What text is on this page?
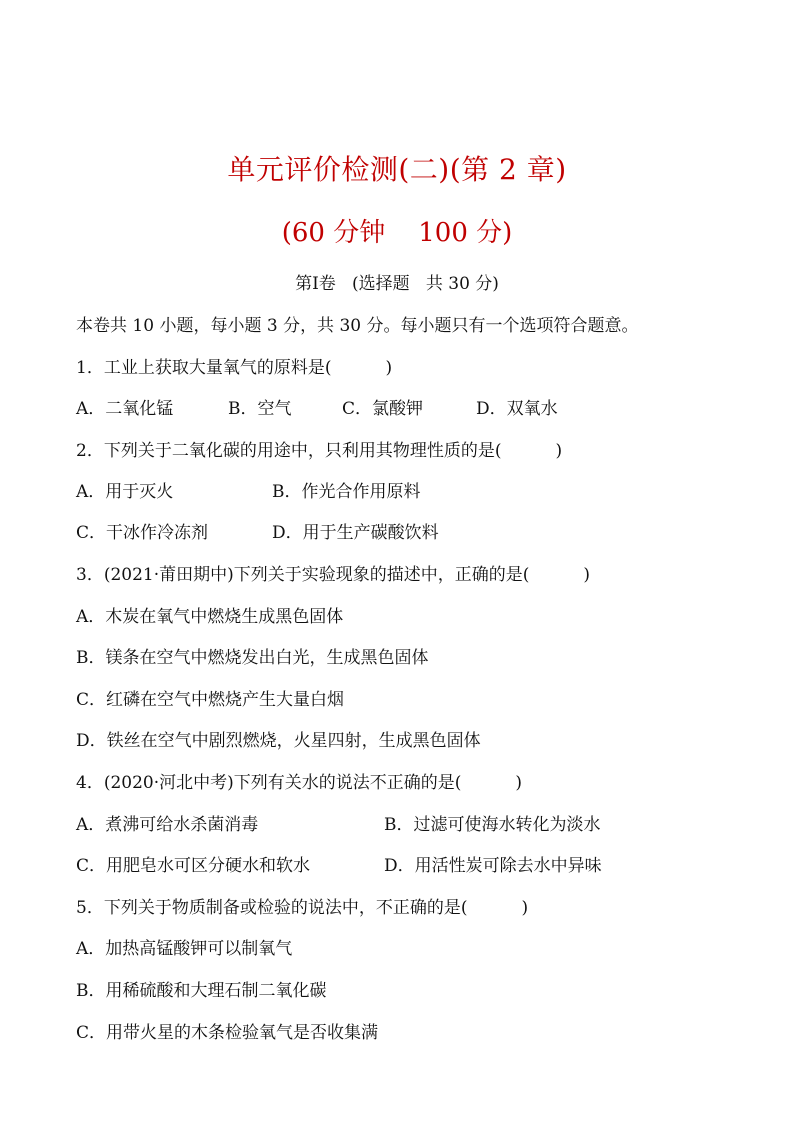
单元评价检测(二)(第 2 章)
(60 分钟    100 分)
第Ⅰ卷   (选择题   共 30 分)
本卷共 10 小题，每小题 3 分，共 30 分。每小题只有一个选项符合题意。
1．工业上获取大量氧气的原料是(          )
A．二氧化锰	B．空气	C．氯酸钾	D．双氧水
2．下列关于二氧化碳的用途中，只利用其物理性质的是(          )
A．用于灭火	B．作光合作用原料
C．干冰作冷冻剂	D．用于生产碳酸饮料
3．(2021·莆田期中)下列关于实验现象的描述中，正确的是(          )
A．木炭在氧气中燃烧生成黑色固体
B．镁条在空气中燃烧发出白光，生成黑色固体
C．红磷在空气中燃烧产生大量白烟
D．铁丝在空气中剧烈燃烧，火星四射，生成黑色固体
4．(2020·河北中考)下列有关水的说法不正确的是(          )
A．煮沸可给水杀菌消毒	B．过滤可使海水转化为淡水
C．用肥皂水可区分硬水和软水	D．用活性炭可除去水中异味
5．下列关于物质制备或检验的说法中，不正确的是(          )
A．加热高锰酸钾可以制氧气
B．用稀硫酸和大理石制二氧化碳
C．用带火星的木条检验氧气是否收集满
